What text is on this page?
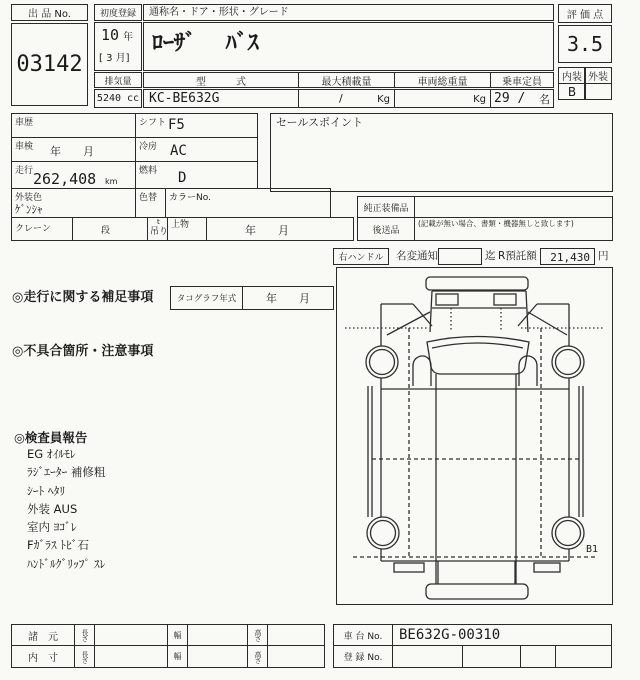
出 品 No.
03142
初度登録
10 年
[ 3 月]
排気量
5240 cc
通称名・ドア・形状・グレード
ﾛｰｻﾞ　 ﾊﾞｽ
型　　　式
KC-BE632G
最大積載量
/	Kg
車両総重量
Kg
乗車定員
29 / 名
評 価 点
3.5
内装 外装
B
車歴	シフト F5
車検 年　　月	冷房 AC
走行 262,408 km
燃料 D
外装色
ｹﾞﾝｼｬ
色替 カラーNo.
クレーン	段
t
吊り
上物	年　　月
セールスポイント
純正装備品
後送品
(記載が無い場合、書類・機器無しと致します)
右ハンドル	名変通知	迄 R預託額 21,430 円
◎走行に関する補足事項	タコグラフ年式	年　　月
◎不具合箇所・注意事項
◎検査員報告
EG ｵｲﾙﾓﾚ
ﾗｼﾞｴｰﾀｰ 補修粗
ｼｰﾄ ﾍﾀﾘ
外装 AUS
室内 ﾖｺﾞﾚ
Fｶﾞﾗｽ ﾄﾋﾞ石
ﾊﾝﾄﾞﾙｸﾞﾘｯﾌﾟ ｽﾚ
B1
諸　元	長さ	幅	高さ
内　寸	長さ	幅	高さ
車 台 No.	BE632G-00310
登 録 No.
